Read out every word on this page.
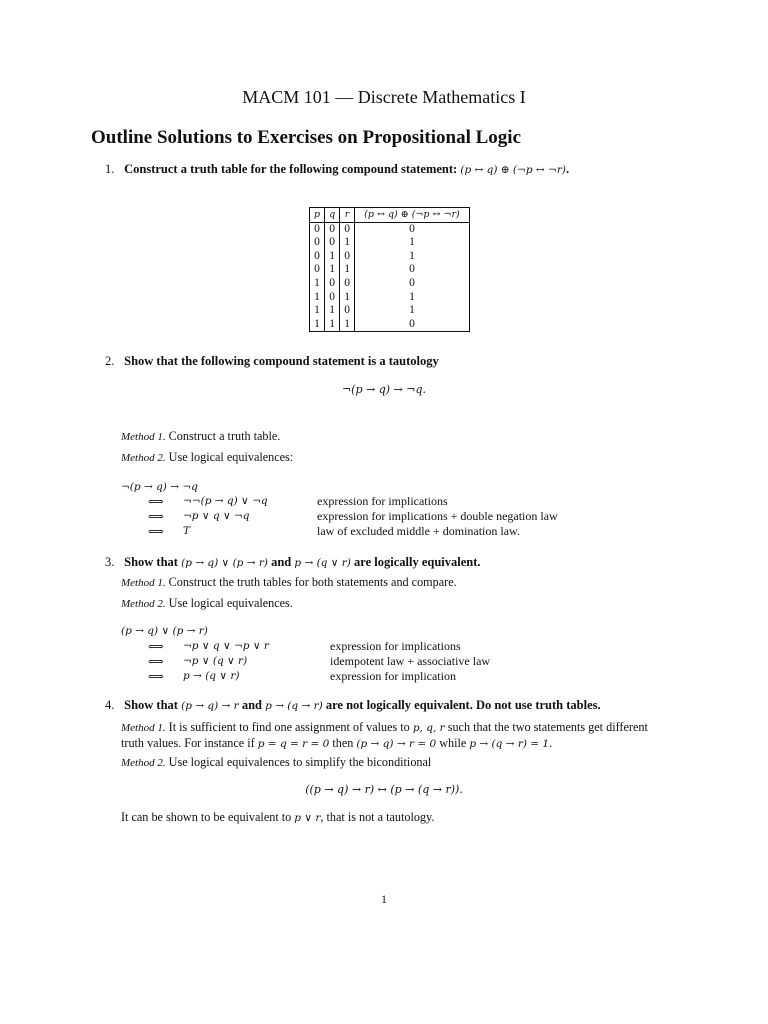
MACM 101 — Discrete Mathematics I
Outline Solutions to Exercises on Propositional Logic
1. Construct a truth table for the following compound statement: (p ↔ q) ⊕ (¬p ↔ ¬r).
p	q	r	(p ↔ q) ⊕ (¬p ↔ ¬r)
0	0	0	0
0	0	1	1
0	1	0	1
0	1	1	0
1	0	0	0
1	0	1	1
1	1	0	1
1	1	1	0
2. Show that the following compound statement is a tautology
¬(p → q) → ¬q.
Method 1. Construct a truth table.
Method 2. Use logical equivalences:
¬(p → q) → ¬q
⟺ ¬¬(p → q) ∨ ¬q	expression for implications
⟺ ¬p ∨ q ∨ ¬q	expression for implications + double negation law
⟺ T	law of excluded middle + domination law.
3. Show that (p → q) ∨ (p → r) and p → (q ∨ r) are logically equivalent.
Method 1. Construct the truth tables for both statements and compare.
Method 2. Use logical equivalences.
(p → q) ∨ (p → r)
⟺ ¬p ∨ q ∨ ¬p ∨ r	expression for implications
⟺ ¬p ∨ (q ∨ r)	idempotent law + associative law
⟺ p → (q ∨ r)	expression for implication
4. Show that (p → q) → r and p → (q → r) are not logically equivalent. Do not use truth tables.
Method 1. It is sufficient to find one assignment of values to p, q, r such that the two statements get different
truth values. For instance if p = q = r = 0 then (p → q) → r = 0 while p → (q → r) = 1.
Method 2. Use logical equivalences to simplify the biconditional
((p → q) → r) ↔ (p → (q → r)).
It can be shown to be equivalent to p ∨ r, that is not a tautology.
1
